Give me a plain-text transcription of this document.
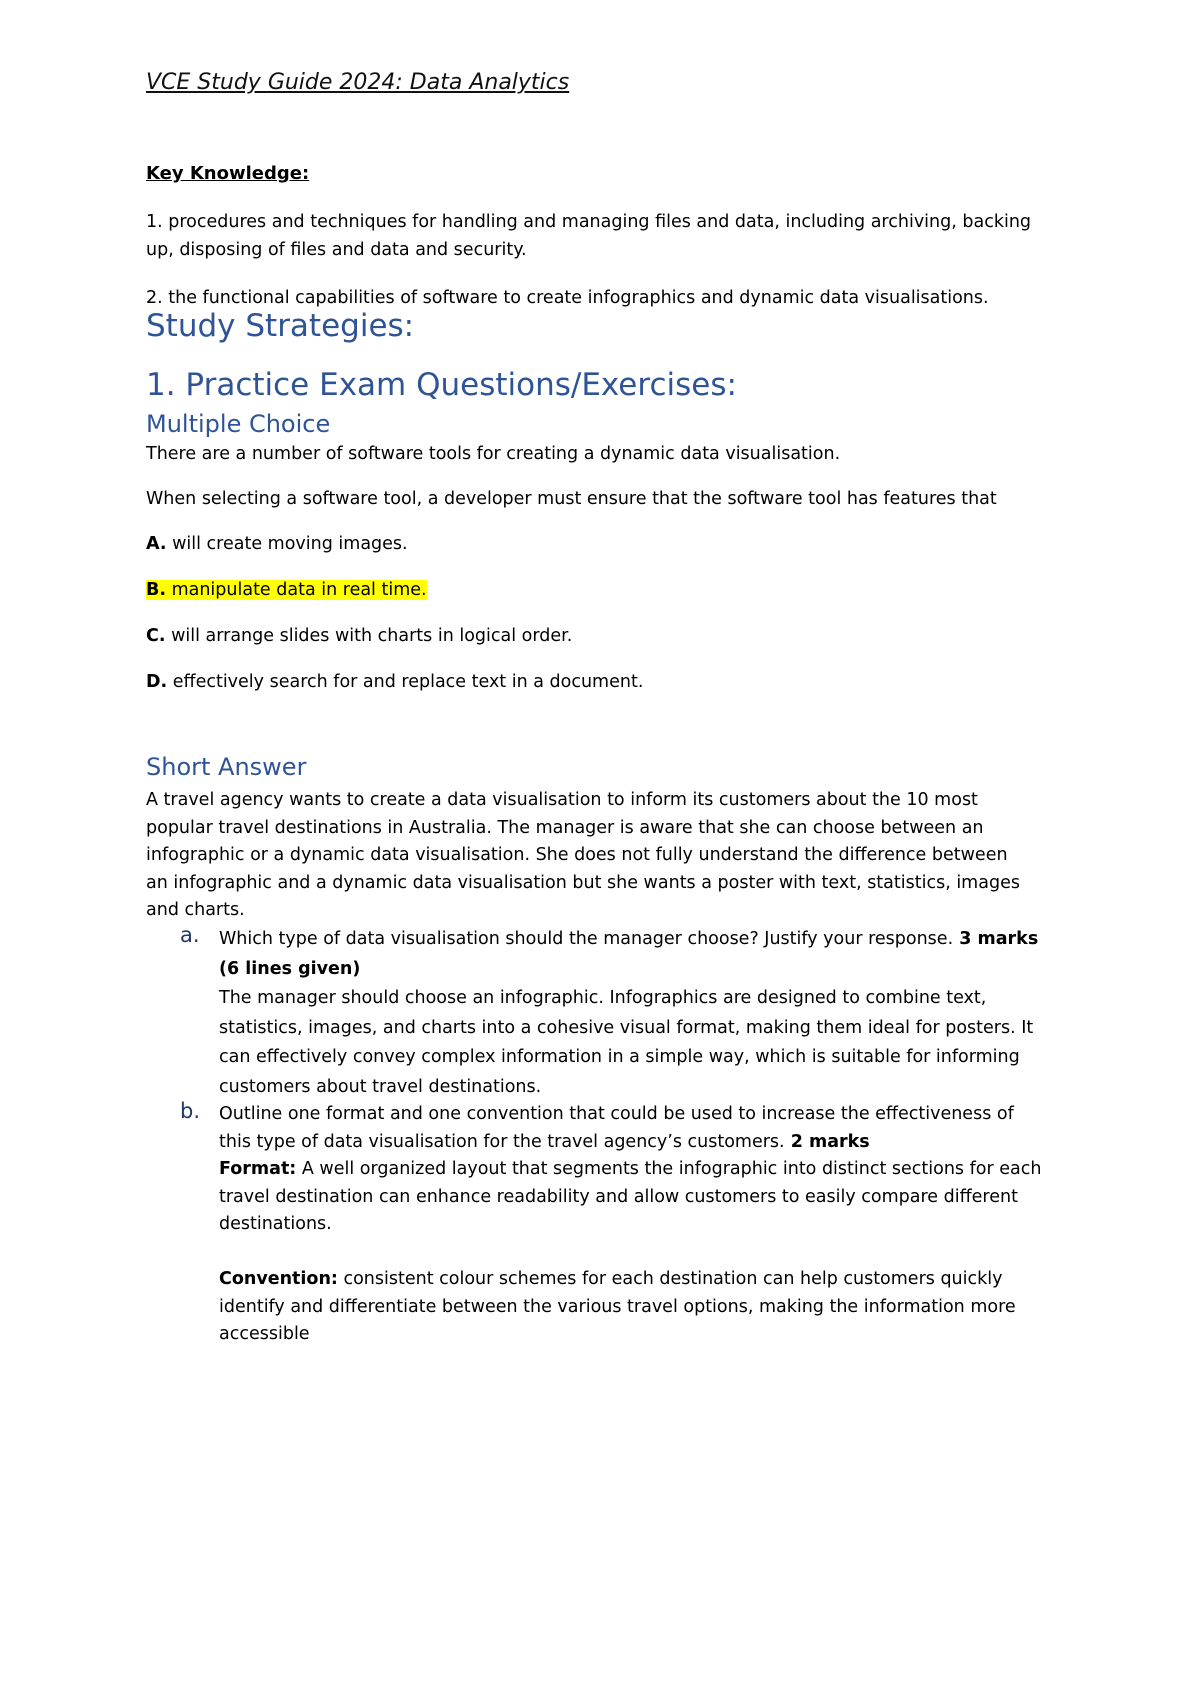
VCE Study Guide 2024: Data Analytics
Key Knowledge:
1. procedures and techniques for handling and managing files and data, including archiving, backing
up, disposing of files and data and security.
2. the functional capabilities of software to create infographics and dynamic data visualisations.
Study Strategies:
1. Practice Exam Questions/Exercises:
Multiple Choice
There are a number of software tools for creating a dynamic data visualisation.
When selecting a software tool, a developer must ensure that the software tool has features that
A. will create moving images.
B. manipulate data in real time.
C. will arrange slides with charts in logical order.
D. effectively search for and replace text in a document.
Short Answer
A travel agency wants to create a data visualisation to inform its customers about the 10 most
popular travel destinations in Australia. The manager is aware that she can choose between an
infographic or a dynamic data visualisation. She does not fully understand the difference between
an infographic and a dynamic data visualisation but she wants a poster with text, statistics, images
and charts.
a. Which type of data visualisation should the manager choose? Justify your response. 3 marks
(6 lines given)
The manager should choose an infographic. Infographics are designed to combine text,
statistics, images, and charts into a cohesive visual format, making them ideal for posters. It
can effectively convey complex information in a simple way, which is suitable for informing
customers about travel destinations.
b. Outline one format and one convention that could be used to increase the effectiveness of
this type of data visualisation for the travel agency’s customers. 2 marks
Format: A well organized layout that segments the infographic into distinct sections for each
travel destination can enhance readability and allow customers to easily compare different
destinations.
Convention: consistent colour schemes for each destination can help customers quickly
identify and differentiate between the various travel options, making the information more
accessible
